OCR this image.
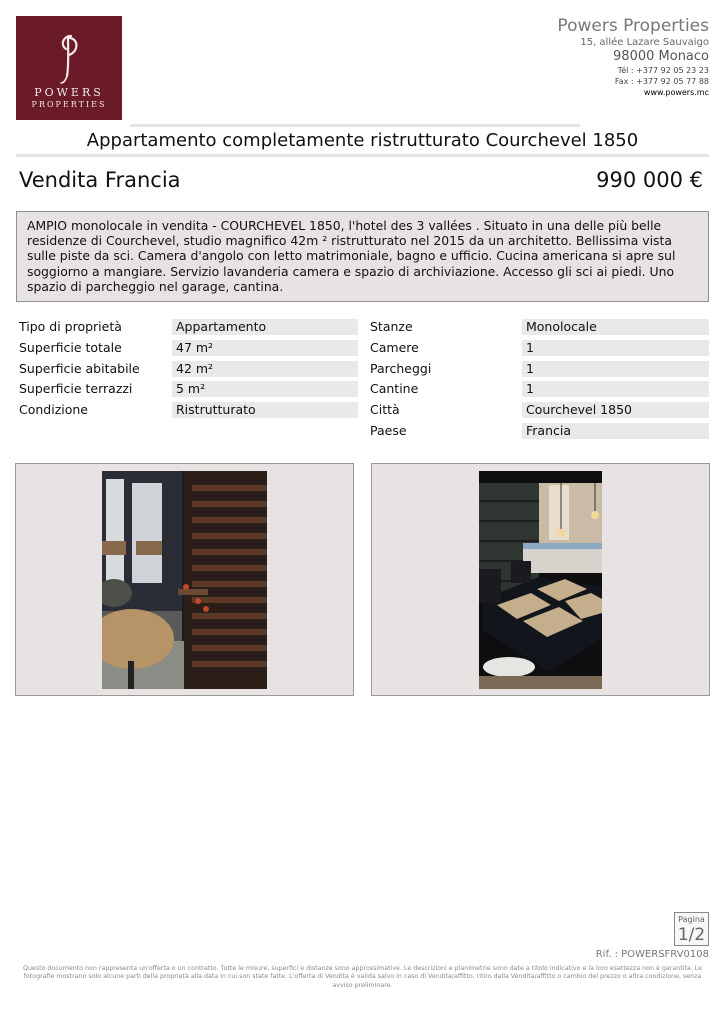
POWERS
PROPERTIES
Powers Properties
15, allée Lazare Sauvaigo
98000 Monaco
Tél : +377 92 05 23 23
Fax : +377 92 05 77 88
www.powers.mc
Appartamento completamente ristrutturato Courchevel 1850
Vendita Francia	990 000 €
AMPIO monolocale in vendita - COURCHEVEL 1850, l'hotel des 3 vallées . Situato in una delle più belle residenze di Courchevel, studio magnifico 42m ² ristrutturato nel 2015 da un architetto. Bellissima vista sulle piste da sci. Camera d'angolo con letto matrimoniale, bagno e ufficio. Cucina americana si apre sul soggiorno a mangiare. Servizio lavanderia camera e spazio di archiviazione. Accesso gli sci ai piedi. Uno spazio di parcheggio nel garage, cantina.
Tipo di proprietà	Appartamento
Superficie totale	47 m²
Superficie abitabile	42 m²
Superficie terrazzi	5 m²
Condizione	Ristrutturato
Stanze	Monolocale
Camere	1
Parcheggi	1
Cantine	1
Città	Courchevel 1850
Paese	Francia
Pagina
1/2
Rif. : POWERSFRV0108
Questo documento non rappresenta un'offerta o un contratto. Tutte le misure, superfici e distanze sono approssimative. Le descrizioni e planimetrie sono date a titolo indicativo e la loro esattezza non è garantita. Le fotografie mostrano solo alcune parti della proprietà alla data in cui son state fatte. L'offerta di Vendita è valida salvo in caso di Vendita/affitto, ritiro dalla Vendita/affitto o cambio del prezzo o altra condizione, senza avviso preliminare.
